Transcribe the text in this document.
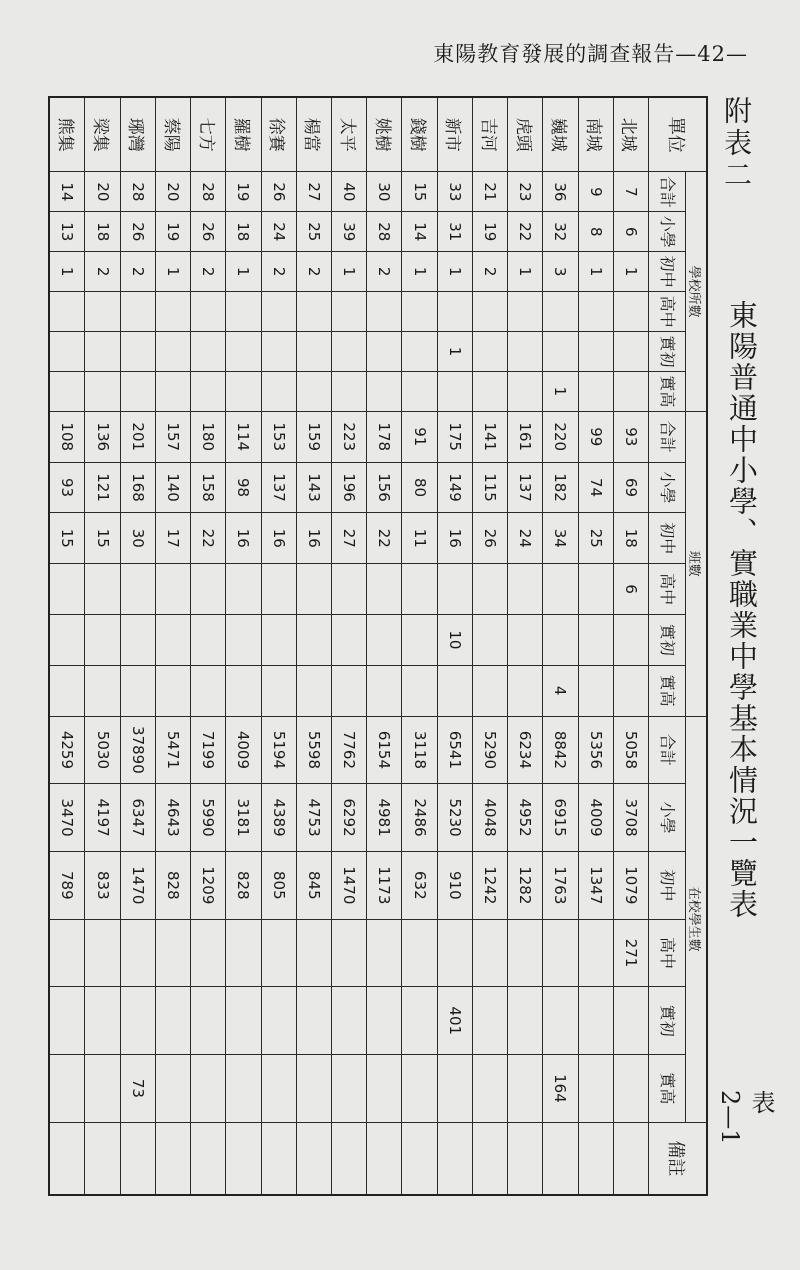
東陽教育發展的調查報告—42—
附表二
東陽普通中小學、實職業中學基本情況一覽表
表
2—1
單位	學校所數						班數						在校學生數						備註
	合計	小學	初中	高中	實初	實高	合計	小學	初中	高中	實初	實高	合計	小學	初中	高中	實初	實高	
北城	7	6	1				93	69	18	6			5058	3708	1079	271			
南城	9	8	1				99	74	25				5356	4009	1347				
巍城	36	32	3			1	220	182	34			4	8842	6915	1763			164	
虎頭	23	22	1				161	137	24				6234	4952	1282				
吉河	21	19	2				141	115	26				5290	4048	1242				
新市	33	31	1		1		175	149	16		10		6541	5230	910		401		
錢樹	15	14	1				91	80	11				3118	2486	632				
姚樹	30	28	2				178	156	22				6154	4981	1173				
太平	40	39	1				223	196	27				7762	6292	1470				
楊當	27	25	2				159	143	16				5598	4753	845				
徐賽	26	24	2				153	137	16				5194	4389	805				
羅樹	19	18	1				114	98	16				4009	3181	828				
七方	28	26	2				180	158	22				7199	5990	1209				
蔡陽	20	19	1				157	140	17				5471	4643	828				
琊灣	28	26	2				201	168	30				37890	6347	1470			73	
梁集	20	18	2				136	121	15				5030	4197	833				
熊集	14	13	1				108	93	15				4259	3470	789				
